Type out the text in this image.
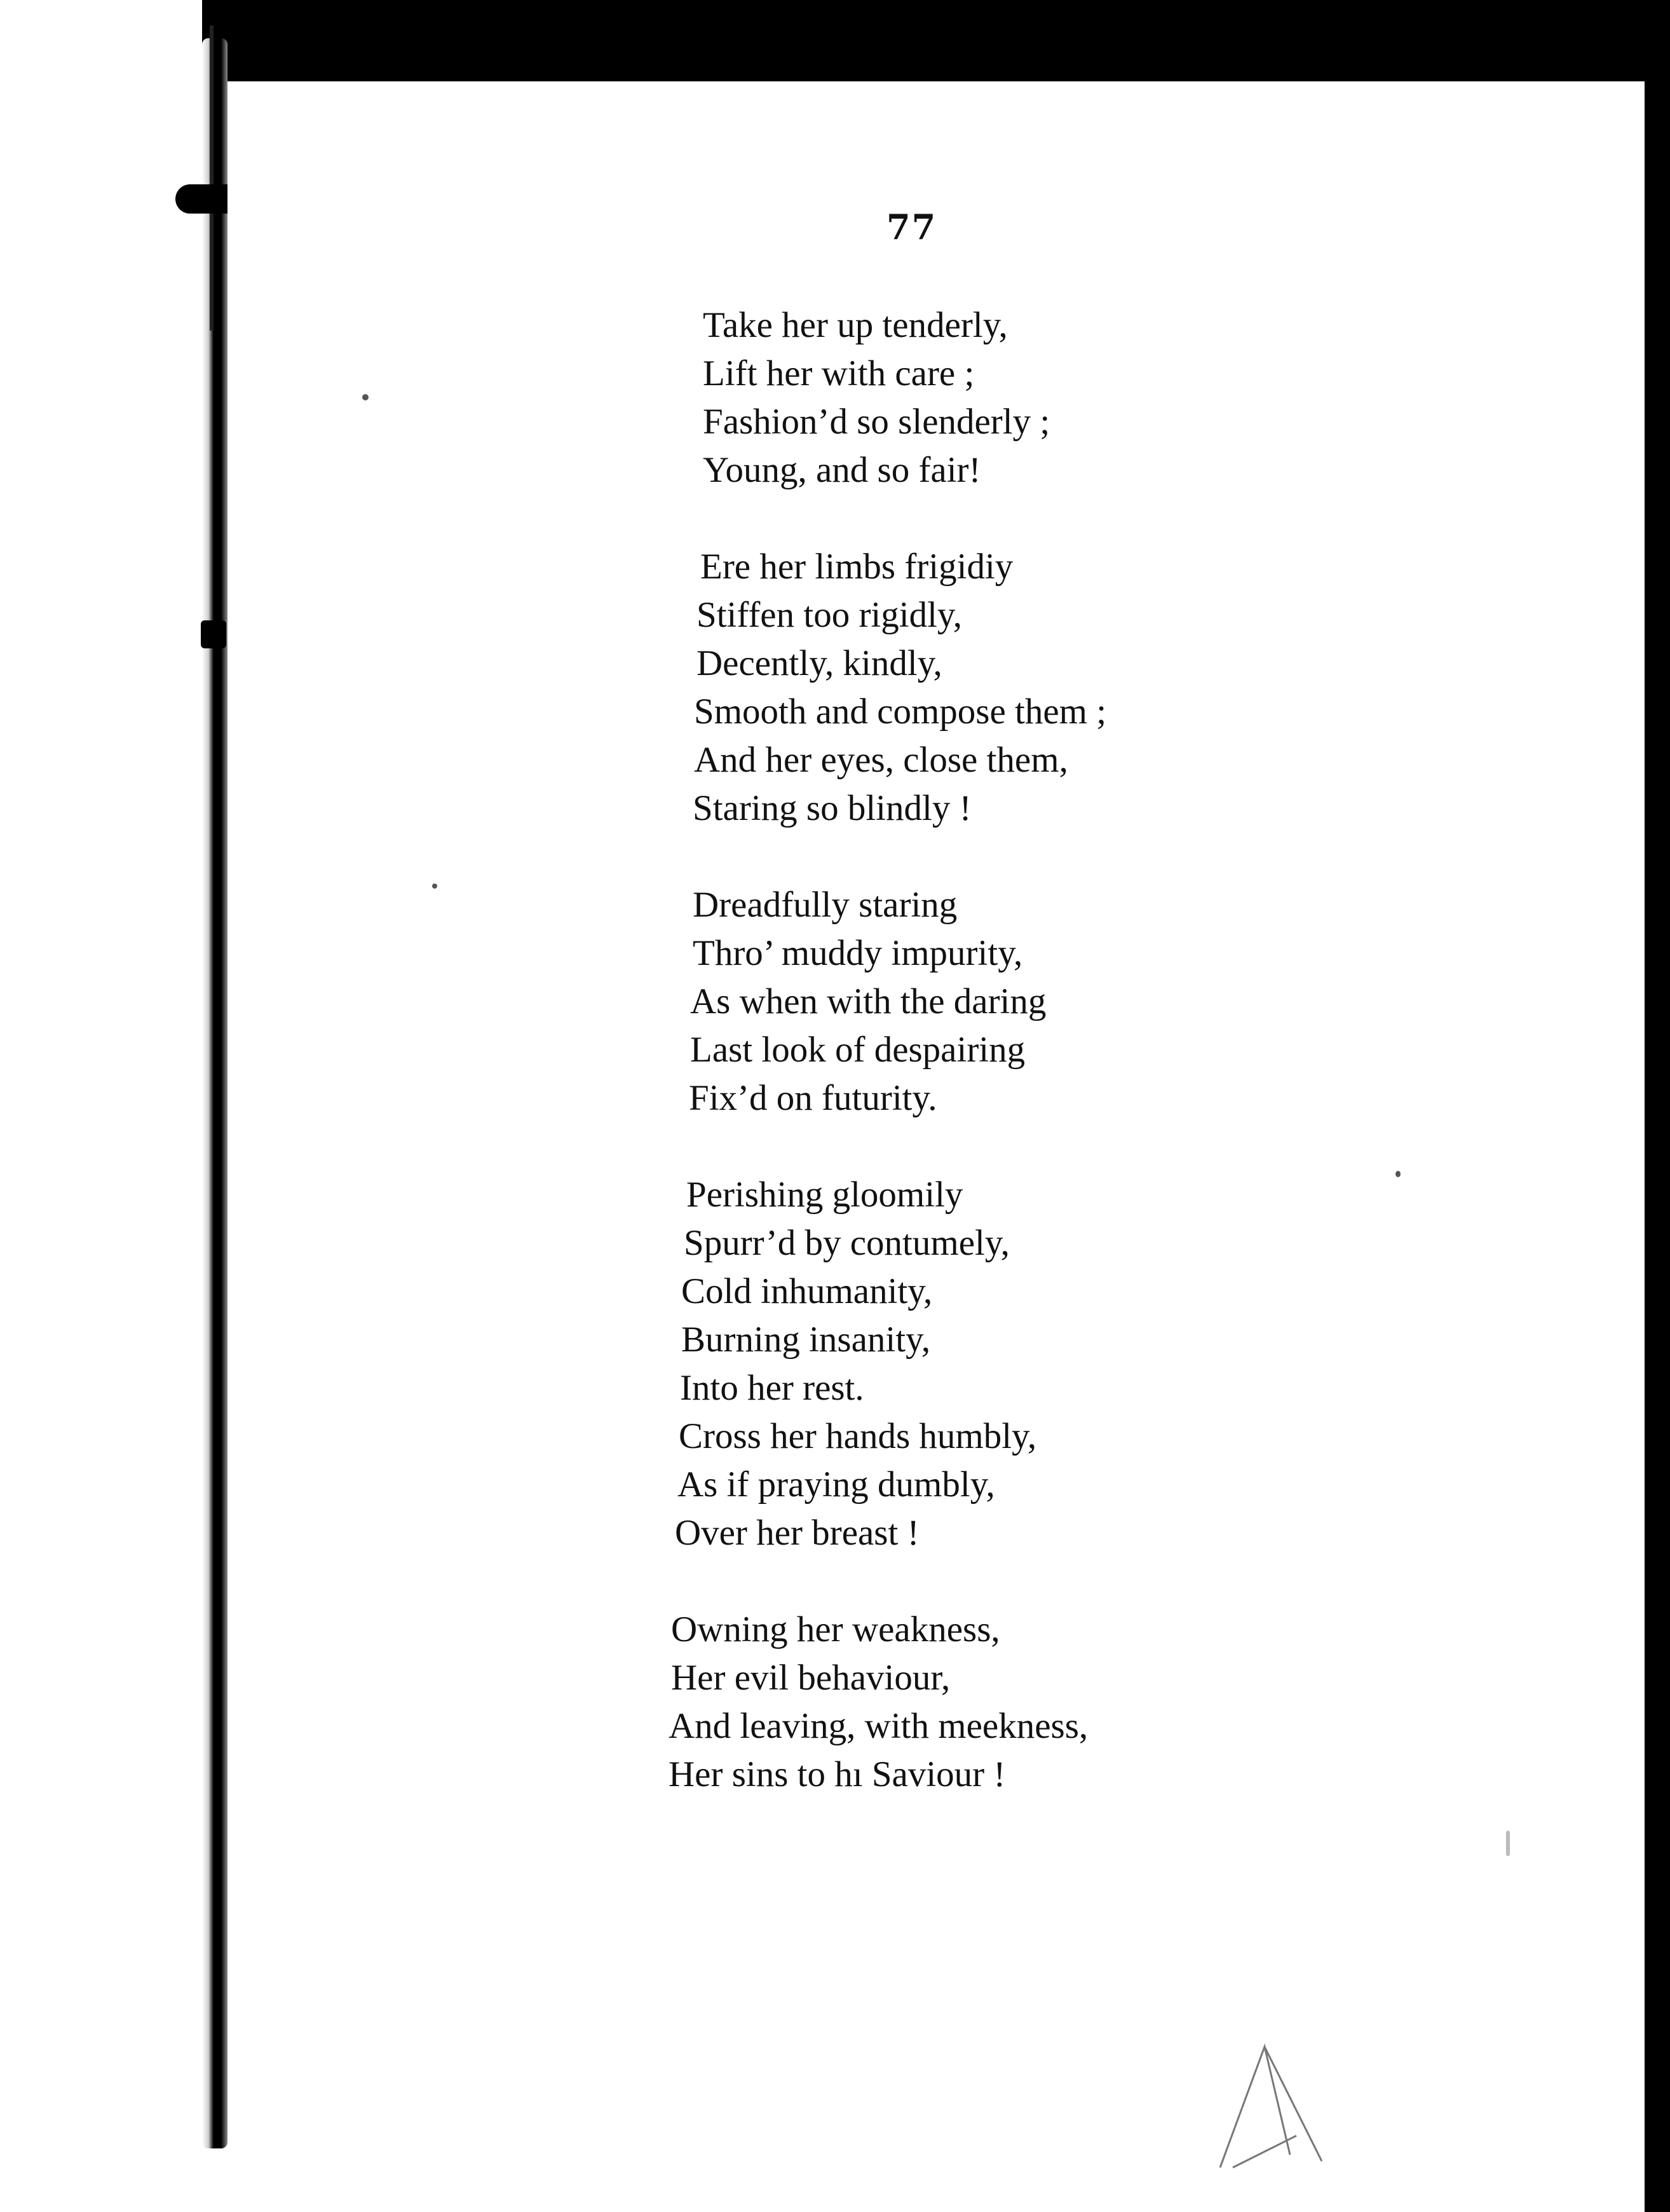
77
Take her up tenderly,
Lift her with care ;
Fashion’d so slenderly ;
Young, and so fair!
Ere her limbs frigidiy
Stiffen too rigidly,
Decently, kindly,
Smooth and compose them ;
And her eyes, close them,
Staring so blindly !
Dreadfully staring
Thro’ muddy impurity,
As when with the daring
Last look of despairing
Fix’d on futurity.
Perishing gloomily
Spurr’d by contumely,
Cold inhumanity,
Burning insanity,
Into her rest.
Cross her hands humbly,
As if praying dumbly,
Over her breast !
Owning her weakness,
Her evil behaviour,
And leaving, with meekness,
Her sins to hı Saviour !
